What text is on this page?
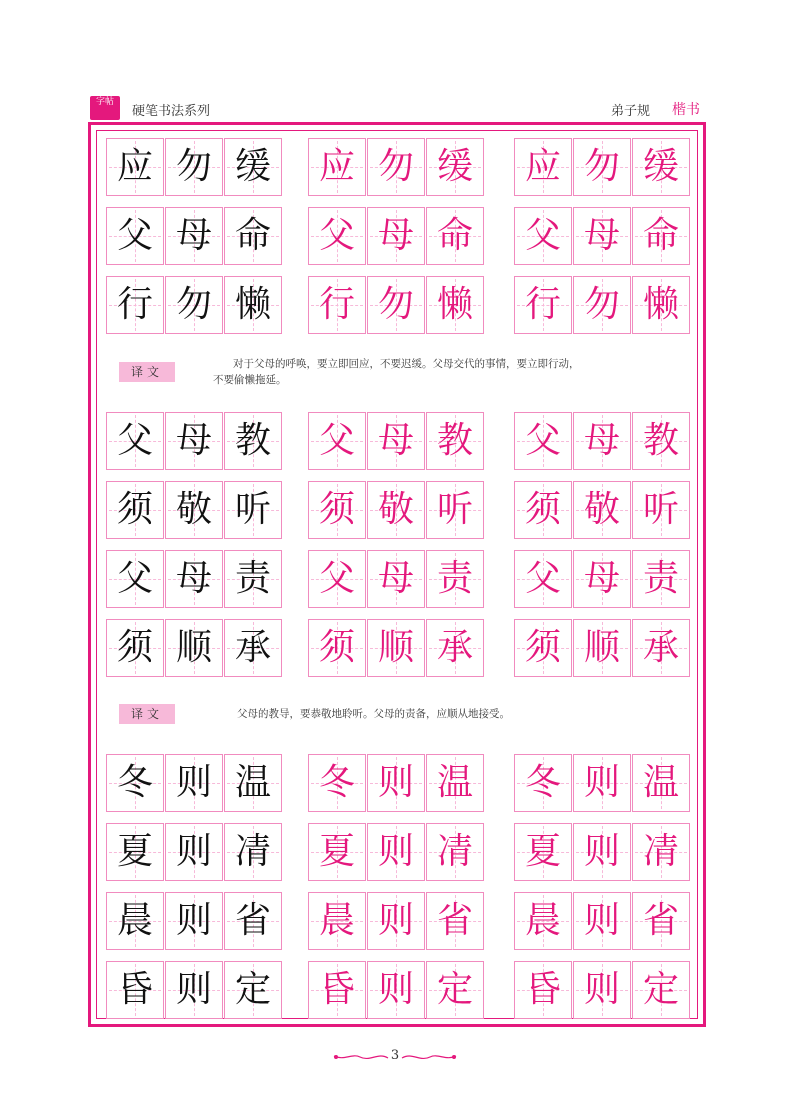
字帖
硬笔书法系列	弟子规 楷书
应 勿 缓 应 勿 缓 应 勿 缓
父 母 命 父 母 命 父 母 命
行 勿 懒 行 勿 懒 行 勿 懒
父 母 教 父 母 教 父 母 教
须 敬 听 须 敬 听 须 敬 听
父 母 责 父 母 责 父 母 责
须 顺 承 须 顺 承 须 顺 承
冬 则 温 冬 则 温 冬 则 温
夏 则 凊 夏 则 凊 夏 则 凊
晨 则 省 晨 则 省 晨 则 省
昏 则 定 昏 则 定 昏 则 定
译文
对于父母的呼唤，要立即回应，不要迟缓。父母交代的事情，要立即行动，
不要偷懒拖延。
译文	父母的教导，要恭敬地聆听。父母的责备，应顺从地接受。
3
